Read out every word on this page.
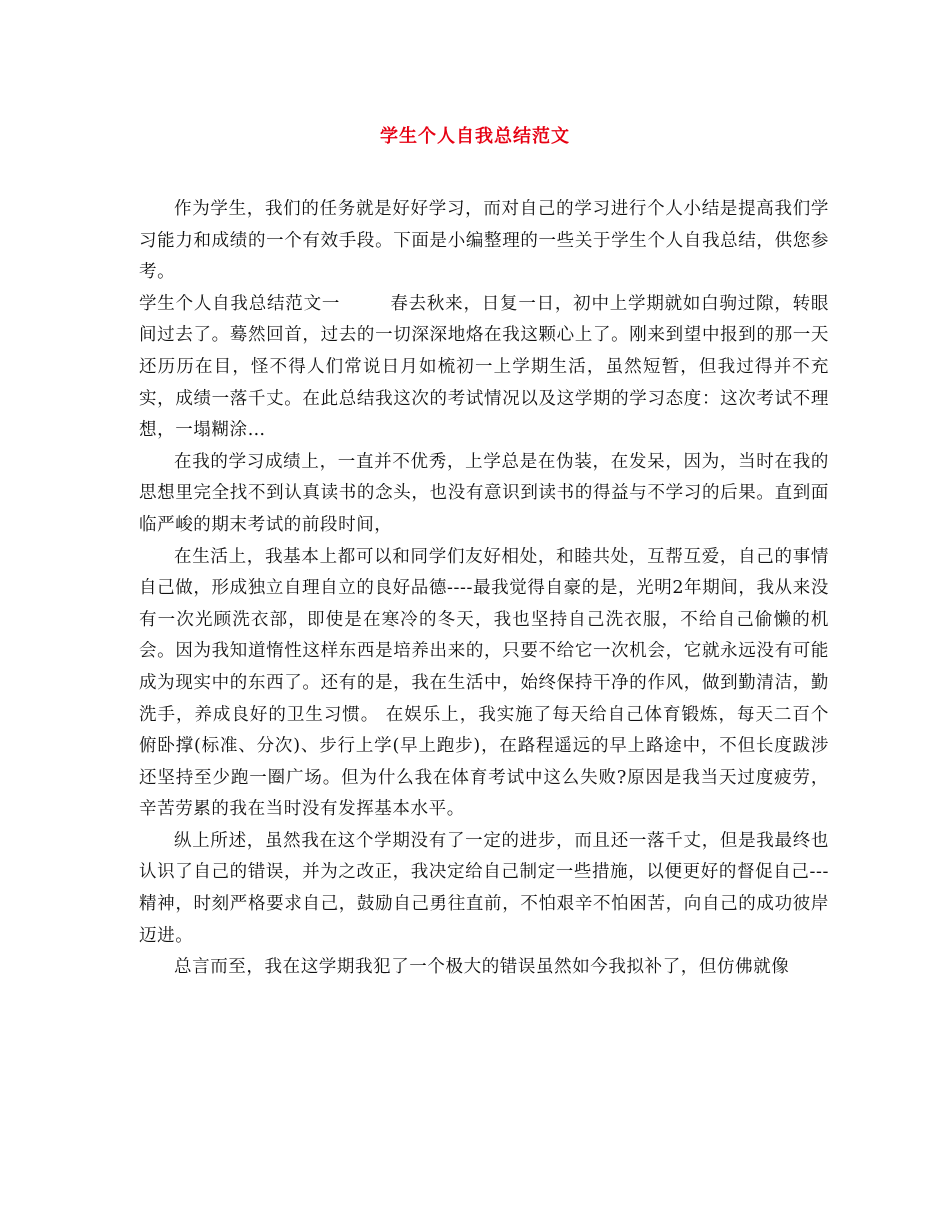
学生个人自我总结范文

作为学生，我们的任务就是好好学习，而对自己的学习进行个人小结是提高我们学习能力和成绩的一个有效手段。下面是小编整理的一些关于学生个人自我总结，供您参考。

学生个人自我总结范文一	春去秋来，日复一日，初中上学期就如白驹过隙，转眼间过去了。蓦然回首，过去的一切深深地烙在我这颗心上了。刚来到望中报到的那一天还历历在目，怪不得人们常说日月如梳初一上学期生活，虽然短暂，但我过得并不充实，成绩一落千丈。在此总结我这次的考试情况以及这学期的学习态度：这次考试不理想，一塌糊涂…

在我的学习成绩上，一直并不优秀，上学总是在伪装，在发呆，因为，当时在我的思想里完全找不到认真读书的念头，也没有意识到读书的得益与不学习的后果。直到面临严峻的期末考试的前段时间，

在生活上，我基本上都可以和同学们友好相处，和睦共处，互帮互爱，自己的事情自己做，形成独立自理自立的良好品德----最我觉得自豪的是，光明2年期间，我从来没有一次光顾洗衣部，即使是在寒冷的冬天，我也坚持自己洗衣服，不给自己偷懒的机会。因为我知道惰性这样东西是培养出来的，只要不给它一次机会，它就永远没有可能成为现实中的东西了。还有的是，我在生活中，始终保持干净的作风，做到勤清洁，勤洗手，养成良好的卫生习惯。 在娱乐上，我实施了每天给自己体育锻炼，每天二百个俯卧撑(标准、分次)、步行上学(早上跑步)，在路程遥远的早上路途中，不但长度跋涉还坚持至少跑一圈广场。但为什么我在体育考试中这么失败?原因是我当天过度疲劳，辛苦劳累的我在当时没有发挥基本水平。

纵上所述，虽然我在这个学期没有了一定的进步，而且还一落千丈，但是我最终也认识了自己的错误，并为之改正，我决定给自己制定一些措施，以便更好的督促自己---精神，时刻严格要求自己，鼓励自己勇往直前，不怕艰辛不怕困苦，向自己的成功彼岸迈进。

总言而至，我在这学期我犯了一个极大的错误虽然如今我拟补了，但仿佛就像
